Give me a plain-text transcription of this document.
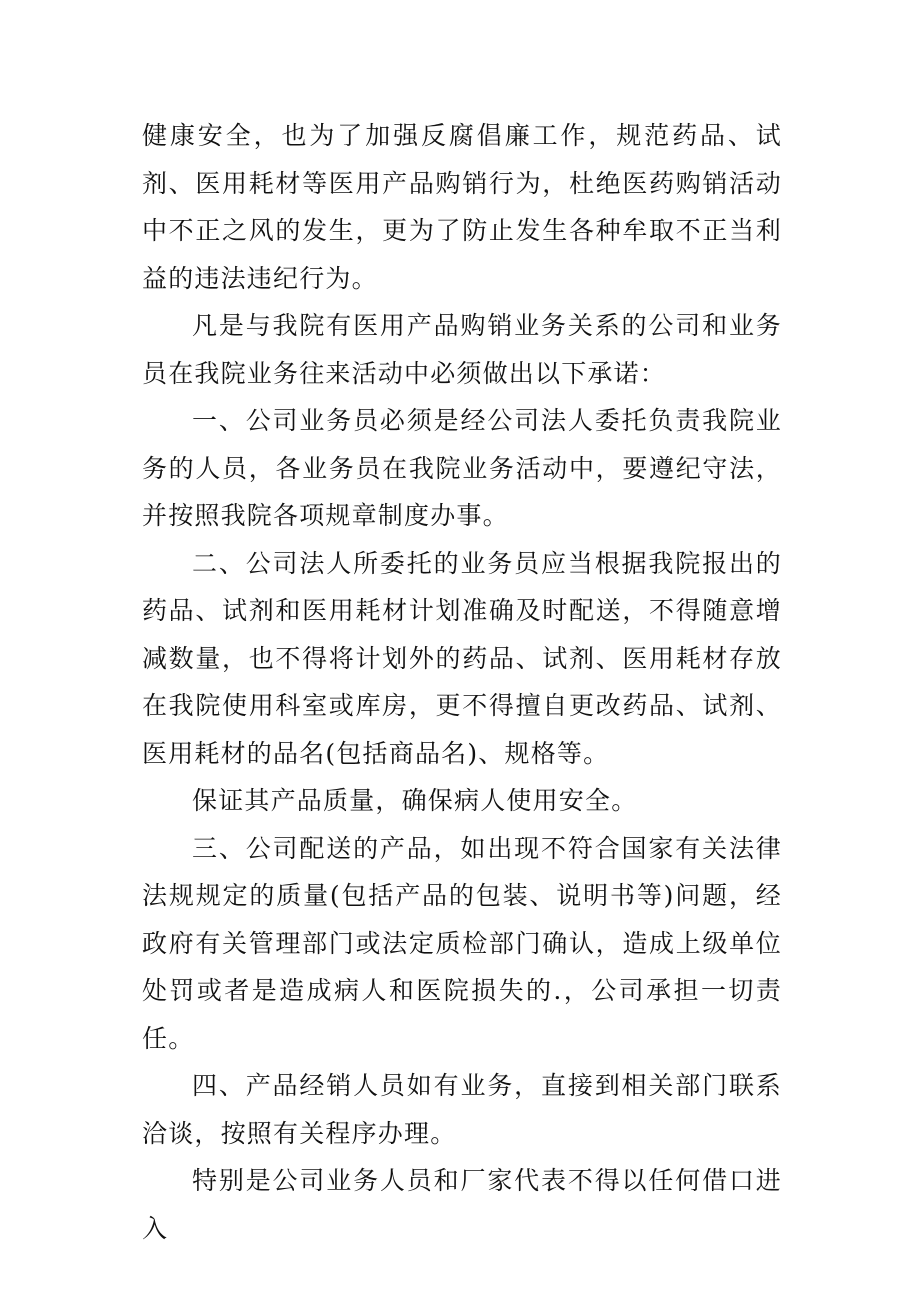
健康安全，也为了加强反腐倡廉工作，规范药品、试剂、医用耗材等医用产品购销行为，杜绝医药购销活动中不正之风的发生，更为了防止发生各种牟取不正当利益的违法违纪行为。

凡是与我院有医用产品购销业务关系的公司和业务员在我院业务往来活动中必须做出以下承诺：

一、公司业务员必须是经公司法人委托负责我院业务的人员，各业务员在我院业务活动中，要遵纪守法，并按照我院各项规章制度办事。

二、公司法人所委托的业务员应当根据我院报出的药品、试剂和医用耗材计划准确及时配送，不得随意增减数量，也不得将计划外的药品、试剂、医用耗材存放在我院使用科室或库房，更不得擅自更改药品、试剂、医用耗材的品名(包括商品名)、规格等。

保证其产品质量，确保病人使用安全。

三、公司配送的产品，如出现不符合国家有关法律法规规定的质量(包括产品的包装、说明书等)问题，经政府有关管理部门或法定质检部门确认，造成上级单位处罚或者是造成病人和医院损失的.，公司承担一切责任。

四、产品经销人员如有业务，直接到相关部门联系洽谈，按照有关程序办理。

特别是公司业务人员和厂家代表不得以任何借口进入
